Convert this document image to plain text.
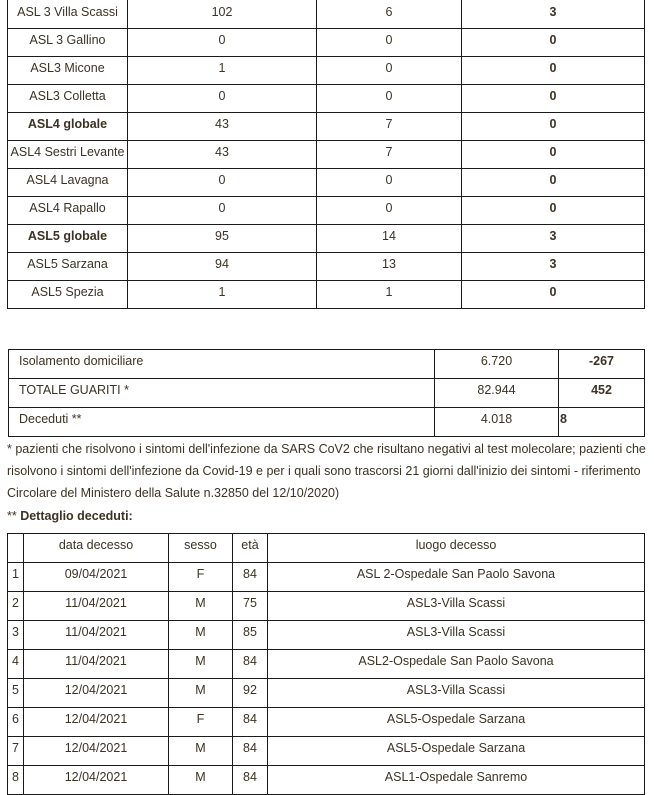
ASL 3 Villa Scassi	102	6	3
ASL 3 Gallino	0	0	0
ASL3 Micone	1	0	0
ASL3 Colletta	0	0	0
ASL4 globale	43	7	0
ASL4 Sestri Levante	43	7	0
ASL4 Lavagna	0	0	0
ASL4 Rapallo	0	0	0
ASL5 globale	95	14	3
ASL5 Sarzana	94	13	3
ASL5 Spezia	1	1	0
Isolamento domiciliare	6.720	-267
TOTALE GUARITI *	82.944	452
Deceduti **	4.018	8
* pazienti che risolvono i sintomi dell'infezione da SARS CoV2 che risultano negativi al test molecolare; pazienti che risolvono i sintomi dell'infezione da Covid-19 e per i quali sono trascorsi 21 giorni dall'inizio dei sintomi - riferimento Circolare del Ministero della Salute n.32850 del 12/10/2020)
** Dettaglio deceduti:
	data decesso	sesso	età	luogo decesso
1	09/04/2021	F	84	ASL 2-Ospedale San Paolo Savona
2	11/04/2021	M	75	ASL3-Villa Scassi
3	11/04/2021	M	85	ASL3-Villa Scassi
4	11/04/2021	M	84	ASL2-Ospedale San Paolo Savona
5	12/04/2021	M	92	ASL3-Villa Scassi
6	12/04/2021	F	84	ASL5-Ospedale Sarzana
7	12/04/2021	M	84	ASL5-Ospedale Sarzana
8	12/04/2021	M	84	ASL1-Ospedale Sanremo
